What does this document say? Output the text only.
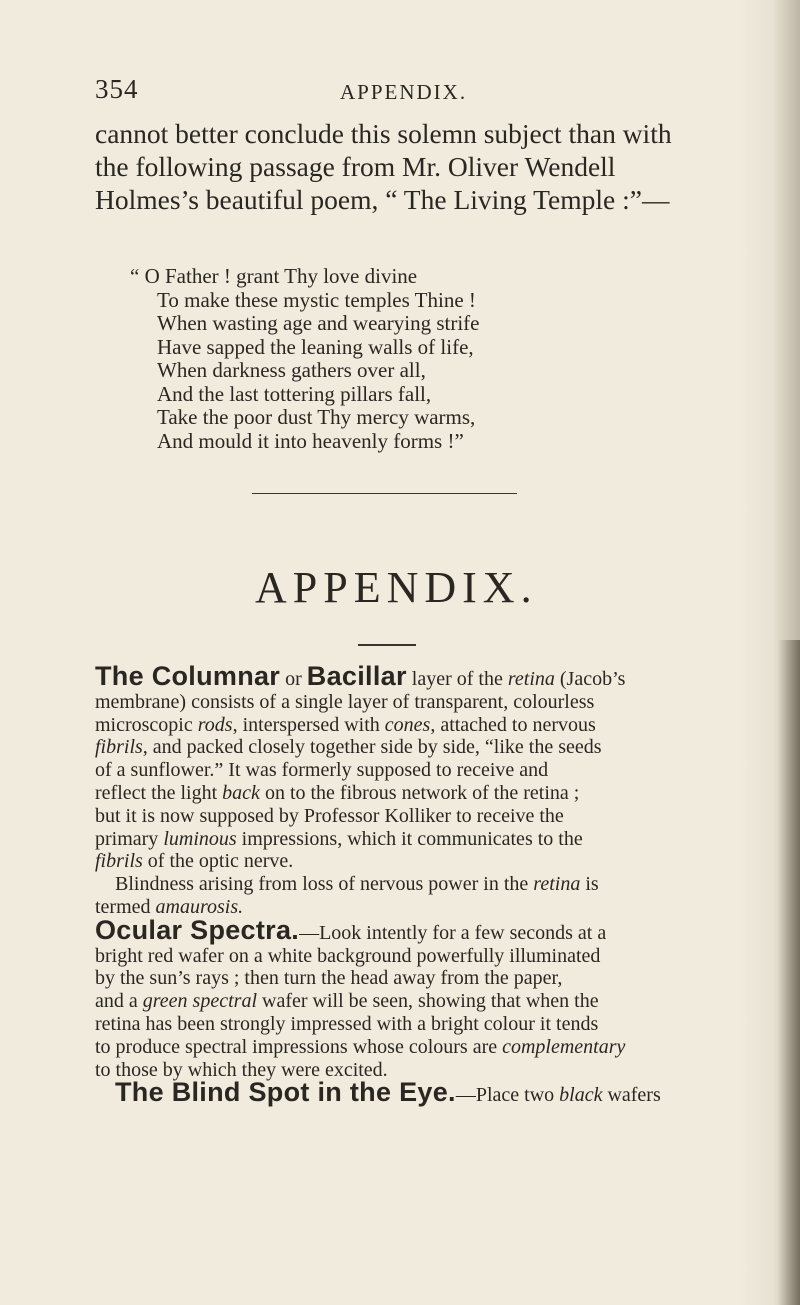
354	APPENDIX.

cannot better conclude this solemn subject than with
the following passage from Mr. Oliver Wendell
Holmes’s beautiful poem, “ The Living Temple :”—

“ O Father ! grant Thy love divine
To make these mystic temples Thine !
When wasting age and wearying strife
Have sapped the leaning walls of life,
When darkness gathers over all,
And the last tottering pillars fall,
Take the poor dust Thy mercy warms,
And mould it into heavenly forms !”

APPENDIX.
The Columnar or Bacillar layer of the retina (Jacob’s
membrane) consists of a single layer of transparent, colourless
microscopic rods, interspersed with cones, attached to nervous
fibrils, and packed closely together side by side, “like the seeds
of a sunflower.” It was formerly supposed to receive and
reflect the light back on to the fibrous network of the retina ;
but it is now supposed by Professor Kolliker to receive the
primary luminous impressions, which it communicates to the
fibrils of the optic nerve.
Blindness arising from loss of nervous power in the retina is
termed amaurosis.
Ocular Spectra.—Look intently for a few seconds at a
bright red wafer on a white background powerfully illuminated
by the sun’s rays ; then turn the head away from the paper,
and a green spectral wafer will be seen, showing that when the
retina has been strongly impressed with a bright colour it tends
to produce spectral impressions whose colours are complementary
to those by which they were excited.
The Blind Spot in the Eye.—Place two black wafers
